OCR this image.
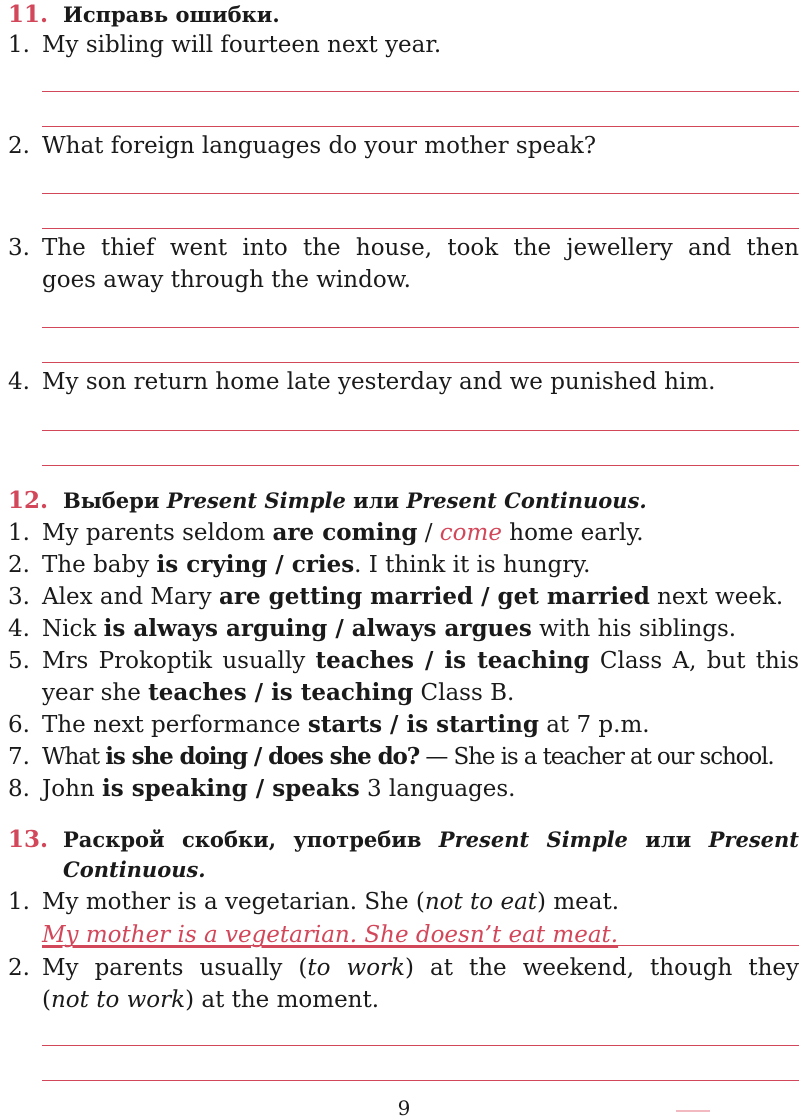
11. Исправь ошибки.
1. My sibling will fourteen next year.
2. What foreign languages do your mother speak?
3. The thief went into the house, took the jewellery and then
goes away through the window.
4. My son return home late yesterday and we punished him.
12. Выбери Present Simple или Present Continuous.
1. My parents seldom are coming / come home early.
2. The baby is crying / cries. I think it is hungry.
3. Alex and Mary are getting married / get married next week.
4. Nick is always arguing / always argues with his siblings.
5. Mrs Prokoptik usually teaches / is teaching Class A, but this
year she teaches / is teaching Class B.
6. The next performance starts / is starting at 7 p.m.
7. What is she doing / does she do? — She is a teacher at our school.
8. John is speaking / speaks 3 languages.
13. Раскрой скобки, употребив Present Simple или Present
Continuous.
1. My mother is a vegetarian. She (not to eat) meat.
My mother is a vegetarian. She doesn’t eat meat.
2. My parents usually (to work) at the weekend, though they
(not to work) at the moment.
9
